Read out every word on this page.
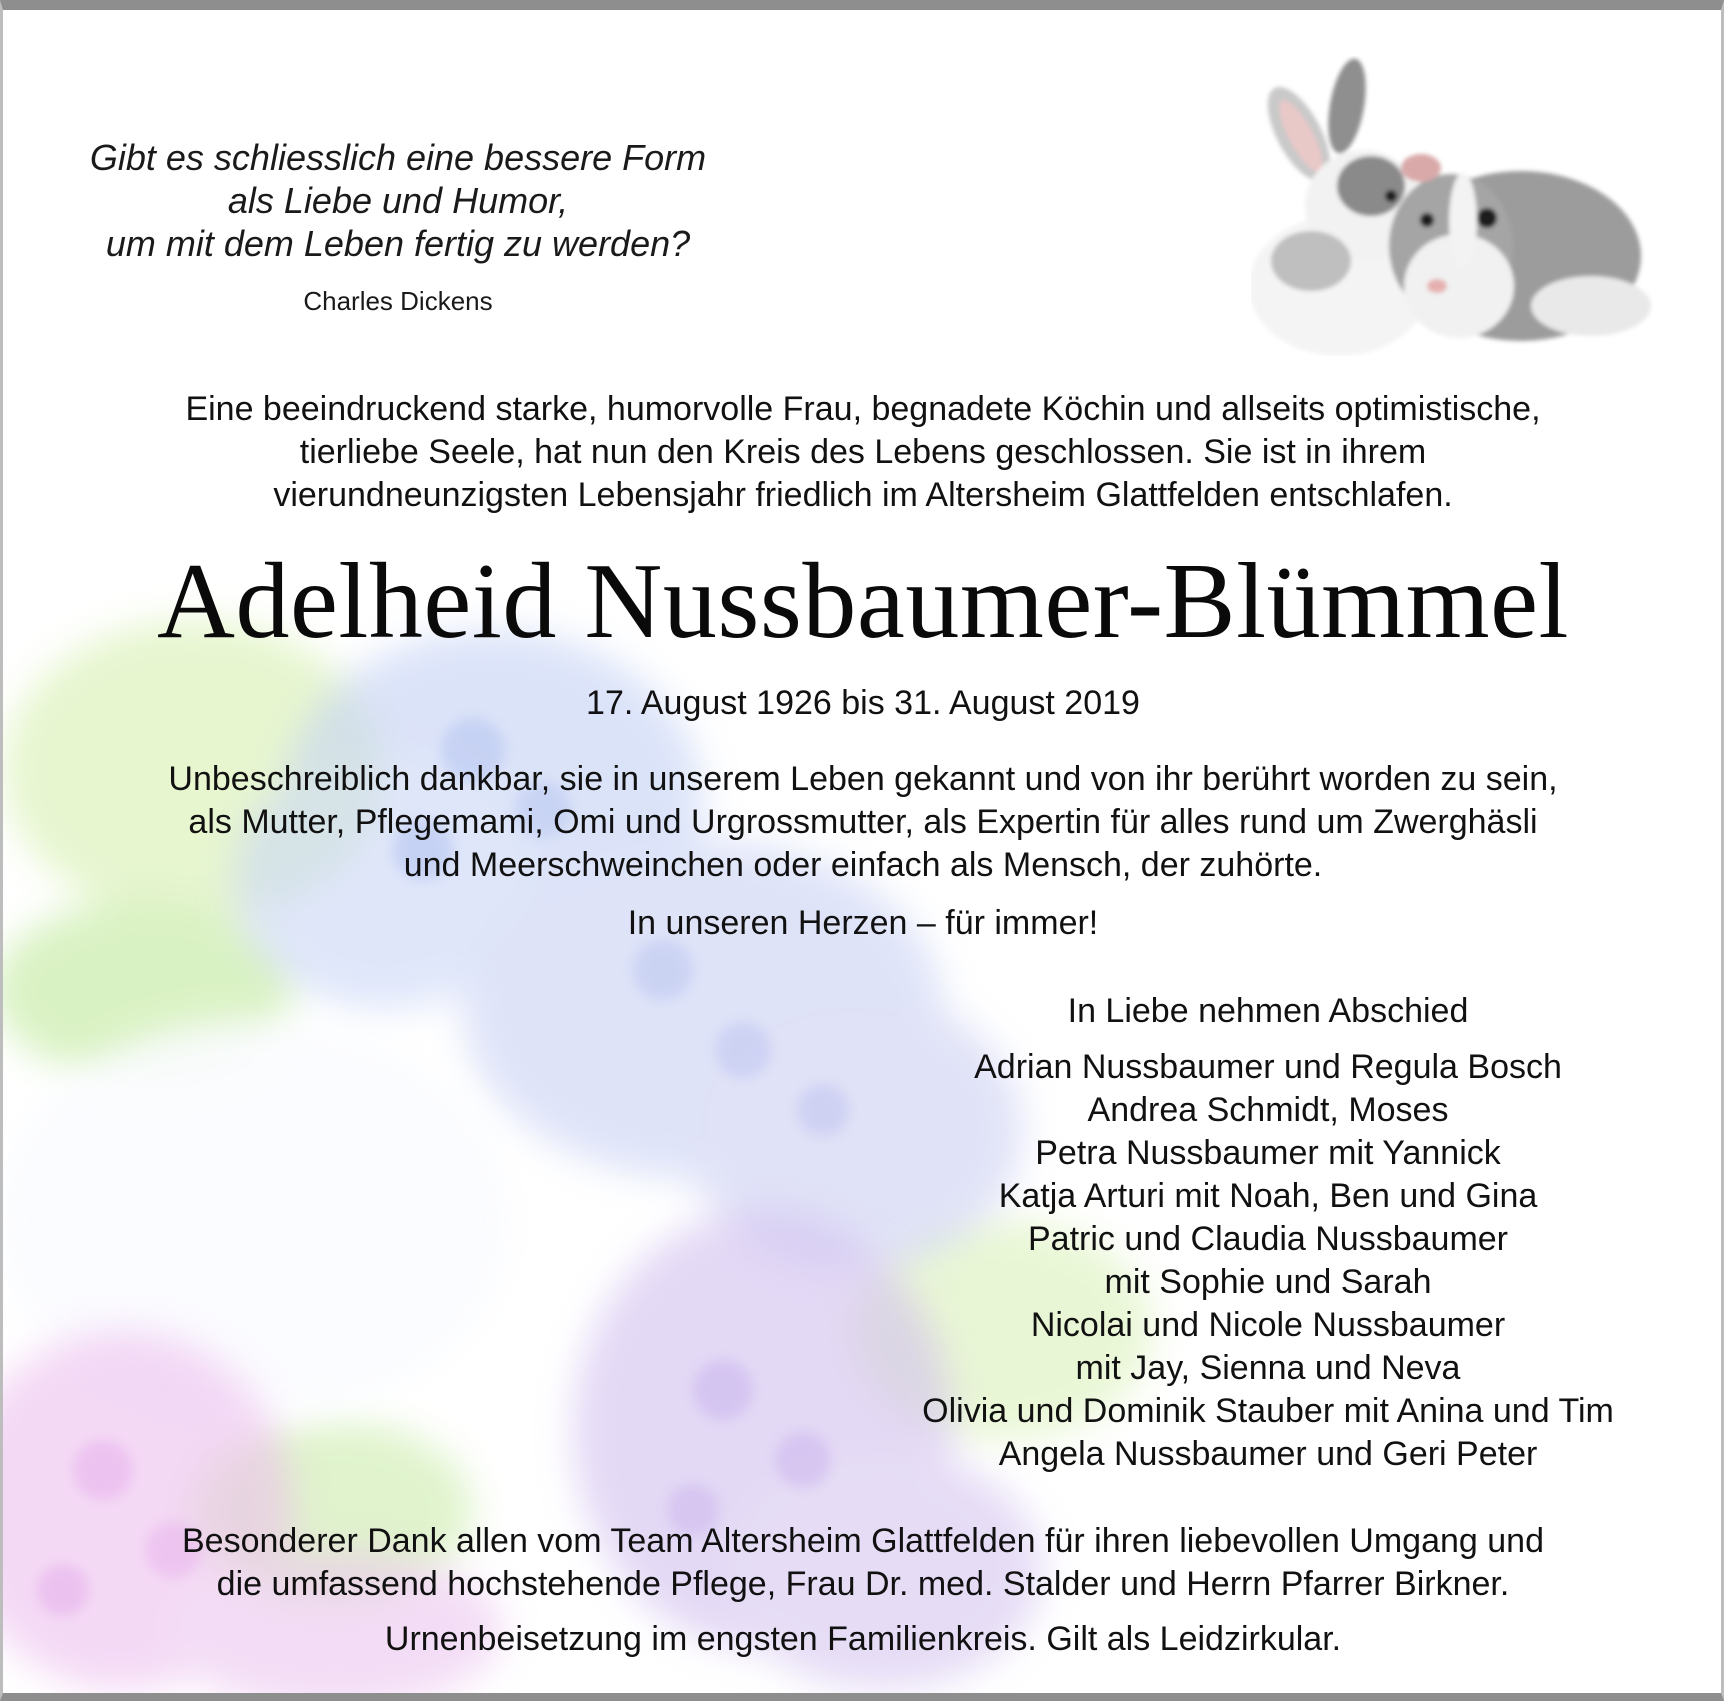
Gibt es schliesslich eine bessere Form
als Liebe und Humor,
um mit dem Leben fertig zu werden?
Charles Dickens
Eine beeindruckend starke, humorvolle Frau, begnadete Köchin und allseits optimistische,
tierliebe Seele, hat nun den Kreis des Lebens geschlossen. Sie ist in ihrem
vierundneunzigsten Lebensjahr friedlich im Altersheim Glattfelden entschlafen.
Adelheid Nussbaumer-Blümmel
17. August 1926 bis 31. August 2019
Unbeschreiblich dankbar, sie in unserem Leben gekannt und von ihr berührt worden zu sein,
als Mutter, Pflegemami, Omi und Urgrossmutter, als Expertin für alles rund um Zwerghäsli
und Meerschweinchen oder einfach als Mensch, der zuhörte.
In unseren Herzen – für immer!
In Liebe nehmen Abschied
Adrian Nussbaumer und Regula Bosch
Andrea Schmidt, Moses
Petra Nussbaumer mit Yannick
Katja Arturi mit Noah, Ben und Gina
Patric und Claudia Nussbaumer
mit Sophie und Sarah
Nicolai und Nicole Nussbaumer
mit Jay, Sienna und Neva
Olivia und Dominik Stauber mit Anina und Tim
Angela Nussbaumer und Geri Peter
Besonderer Dank allen vom Team Altersheim Glattfelden für ihren liebevollen Umgang und
die umfassend hochstehende Pflege, Frau Dr. med. Stalder und Herrn Pfarrer Birkner.
Urnenbeisetzung im engsten Familienkreis. Gilt als Leidzirkular.
